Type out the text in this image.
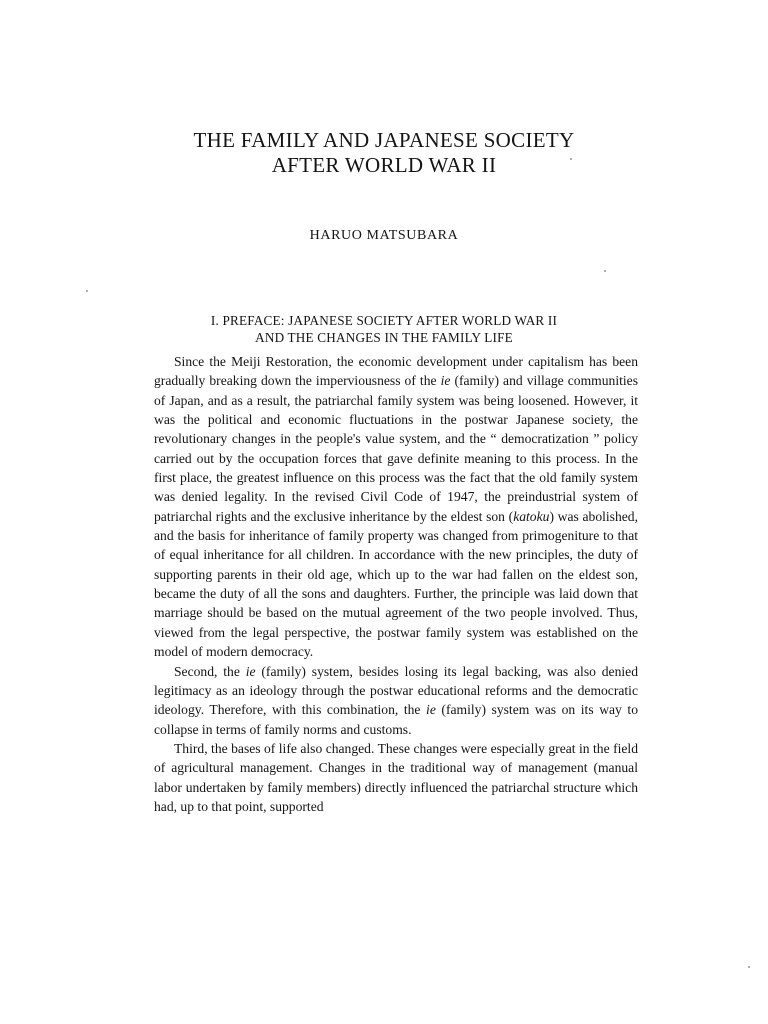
THE FAMILY AND JAPANESE SOCIETY
AFTER WORLD WAR II
HARUO MATSUBARA
I. PREFACE: JAPANESE SOCIETY AFTER WORLD WAR II
AND THE CHANGES IN THE FAMILY LIFE

Since the Meiji Restoration, the economic development under capitalism has been gradually breaking down the imperviousness of the ie (family) and village communities of Japan, and as a result, the patriarchal family system was being loosened. However, it was the political and economic fluctuations in the postwar Japanese society, the revolutionary changes in the people's value system, and the “ democratization ” policy carried out by the occupation forces that gave definite meaning to this process. In the first place, the greatest influence on this process was the fact that the old family system was denied legality. In the revised Civil Code of 1947, the preindustrial system of patriarchal rights and the exclusive inheritance by the eldest son (katoku) was abolished, and the basis for inheritance of family property was changed from primogeniture to that of equal inheritance for all children. In accordance with the new principles, the duty of supporting parents in their old age, which up to the war had fallen on the eldest son, became the duty of all the sons and daughters. Further, the principle was laid down that marriage should be based on the mutual agreement of the two people involved. Thus, viewed from the legal perspective, the postwar family system was established on the model of modern democracy.

Second, the ie (family) system, besides losing its legal backing, was also denied legitimacy as an ideology through the postwar educational reforms and the democratic ideology. Therefore, with this combination, the ie (family) system was on its way to collapse in terms of family norms and customs.

Third, the bases of life also changed. These changes were especially great in the field of agricultural management. Changes in the traditional way of management (manual labor undertaken by family members) directly influenced the patriarchal structure which had, up to that point, supported
